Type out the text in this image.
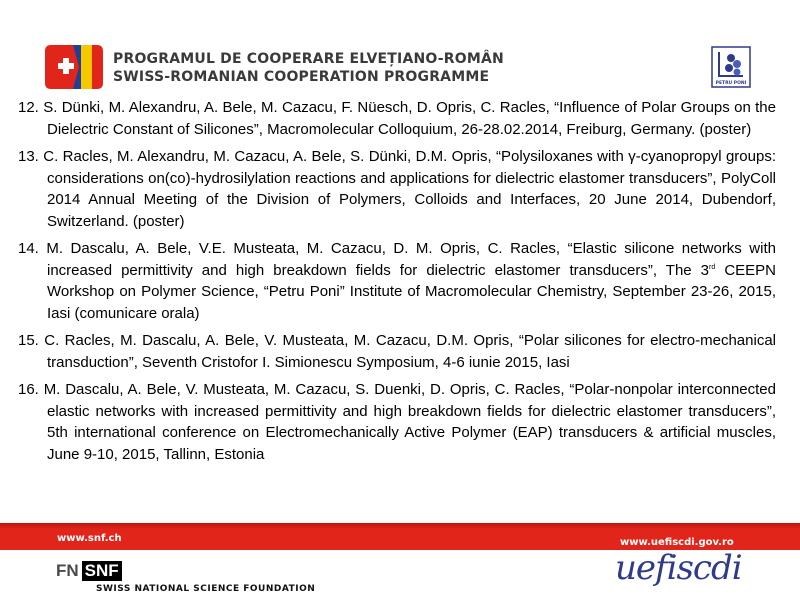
PROGRAMUL DE COOPERARE ELVEȚIANO-ROMÂN
SWISS-ROMANIAN COOPERATION PROGRAMME	PETRU PONI
12. S. Dünki, M. Alexandru, A. Bele, M. Cazacu, F. Nüesch, D. Opris, C. Racles, “Influence of Polar Groups on the Dielectric Constant of Silicones”, Macromolecular Colloquium, 26-28.02.2014, Freiburg, Germany. (poster)
13. C. Racles, M. Alexandru, M. Cazacu, A. Bele, S. Dünki, D.M. Opris, “Polysiloxanes with γ-cyanopropyl groups: considerations on(co)-hydrosilylation reactions and applications for dielectric elastomer transducers”, PolyColl 2014 Annual Meeting of the Division of Polymers, Colloids and Interfaces, 20 June 2014, Dubendorf, Switzerland. (poster)
14. M. Dascalu, A. Bele, V.E. Musteata, M. Cazacu, D. M. Opris, C. Racles, “Elastic silicone networks with increased permittivity and high breakdown fields for dielectric elastomer transducers”, The 3rd CEEPN Workshop on Polymer Science, “Petru Poni” Institute of Macromolecular Chemistry, September 23-26, 2015, Iasi (comunicare orala)
15. C. Racles, M. Dascalu, A. Bele, V. Musteata, M. Cazacu, D.M. Opris, “Polar silicones for electro-mechanical transduction”, Seventh Cristofor I. Simionescu Symposium, 4-6 iunie 2015, Iasi
16. M. Dascalu, A. Bele, V. Musteata, M. Cazacu, S. Duenki, D. Opris, C. Racles, “Polar-nonpolar interconnected elastic networks with increased permittivity and high breakdown fields for dielectric elastomer transducers”, 5th international conference on Electromechanically Active Polymer (EAP) transducers & artificial muscles, June 9-10, 2015, Tallinn, Estonia
www.snf.ch	www.uefiscdi.gov.ro
FN SNF
SWISS NATIONAL SCIENCE FOUNDATION
uefiscdi
